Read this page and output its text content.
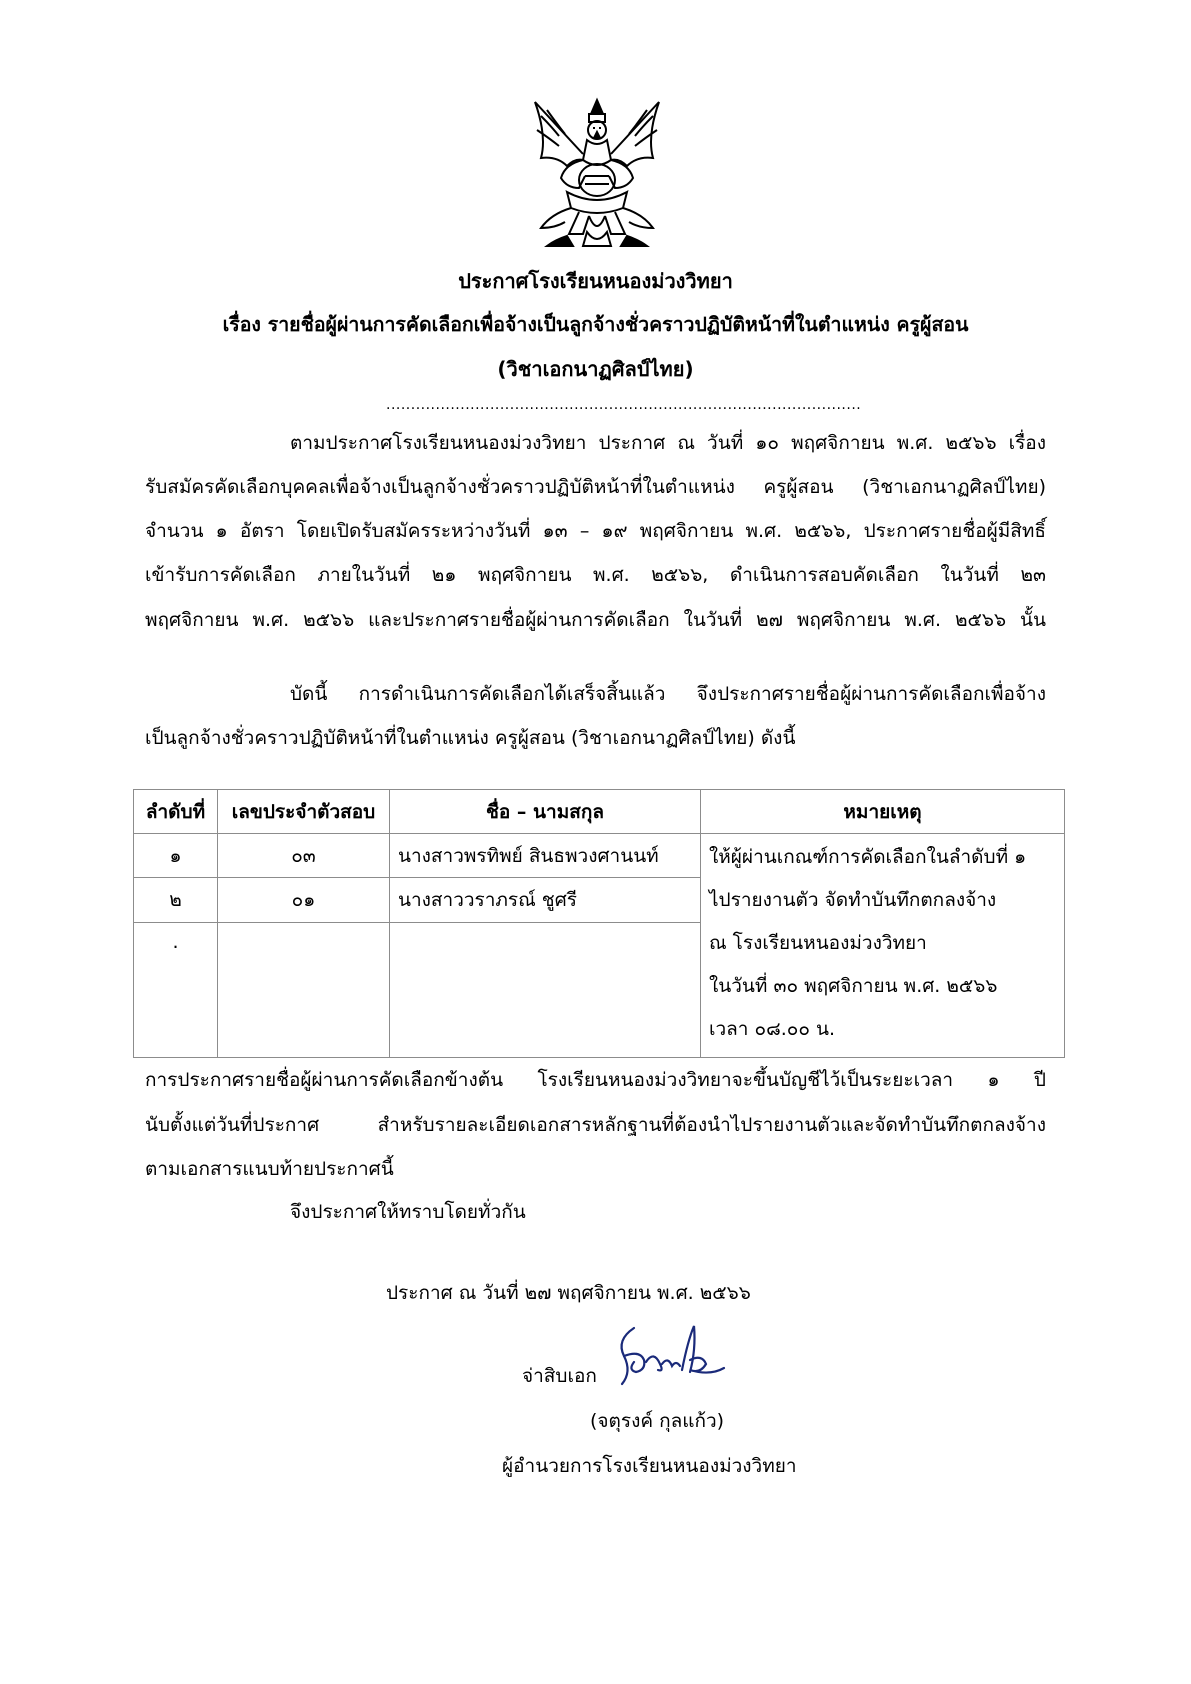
ประกาศโรงเรียนหนองม่วงวิทยา
เรื่อง รายชื่อผู้ผ่านการคัดเลือกเพื่อจ้างเป็นลูกจ้างชั่วคราวปฏิบัติหน้าที่ในตำแหน่ง ครูผู้สอน
(วิชาเอกนาฏศิลป์ไทย)
................................................................................................
ตามประกาศโรงเรียนหนองม่วงวิทยา ประกาศ ณ วันที่ ๑๐ พฤศจิกายน พ.ศ. ๒๕๖๖ เรื่อง
รับสมัครคัดเลือกบุคคลเพื่อจ้างเป็นลูกจ้างชั่วคราวปฏิบัติหน้าที่ในตำแหน่ง ครูผู้สอน (วิชาเอกนาฏศิลป์ไทย)
จำนวน ๑ อัตรา โดยเปิดรับสมัครระหว่างวันที่ ๑๓ – ๑๙ พฤศจิกายน พ.ศ. ๒๕๖๖, ประกาศรายชื่อผู้มีสิทธิ์
เข้ารับการคัดเลือก ภายในวันที่ ๒๑ พฤศจิกายน พ.ศ. ๒๕๖๖, ดำเนินการสอบคัดเลือก ในวันที่ ๒๓
พฤศจิกายน พ.ศ. ๒๕๖๖ และประกาศรายชื่อผู้ผ่านการคัดเลือก ในวันที่ ๒๗ พฤศจิกายน พ.ศ. ๒๕๖๖ นั้น
บัดนี้ การดำเนินการคัดเลือกได้เสร็จสิ้นแล้ว จึงประกาศรายชื่อผู้ผ่านการคัดเลือกเพื่อจ้าง
เป็นลูกจ้างชั่วคราวปฏิบัติหน้าที่ในตำแหน่ง ครูผู้สอน (วิชาเอกนาฏศิลป์ไทย) ดังนี้
ลำดับที่	เลขประจำตัวสอบ	ชื่อ – นามสกุล	หมายเหตุ
๑	๐๓	นางสาวพรทิพย์ สินธพวงศานนท์	ให้ผู้ผ่านเกณฑ์การคัดเลือกในลำดับที่ ๑
ไปรายงานตัว จัดทำบันทึกตกลงจ้าง
ณ โรงเรียนหนองม่วงวิทยา
ในวันที่ ๓๐ พฤศจิกายน พ.ศ. ๒๕๖๖
เวลา ๐๘.๐๐ น.

๒	๐๑	นางสาววราภรณ์ ชูศรี	
.			
การประกาศรายชื่อผู้ผ่านการคัดเลือกข้างต้น โรงเรียนหนองม่วงวิทยาจะขึ้นบัญชีไว้เป็นระยะเวลา ๑ ปี
นับตั้งแต่วันที่ประกาศ สำหรับรายละเอียดเอกสารหลักฐานที่ต้องนำไปรายงานตัวและจัดทำบันทึกตกลงจ้าง
ตามเอกสารแนบท้ายประกาศนี้
จึงประกาศให้ทราบโดยทั่วกัน
ประกาศ ณ วันที่ ๒๗ พฤศจิกายน พ.ศ. ๒๕๖๖
จ่าสิบเอก
(จตุรงค์ กุลแก้ว)
ผู้อำนวยการโรงเรียนหนองม่วงวิทยา
